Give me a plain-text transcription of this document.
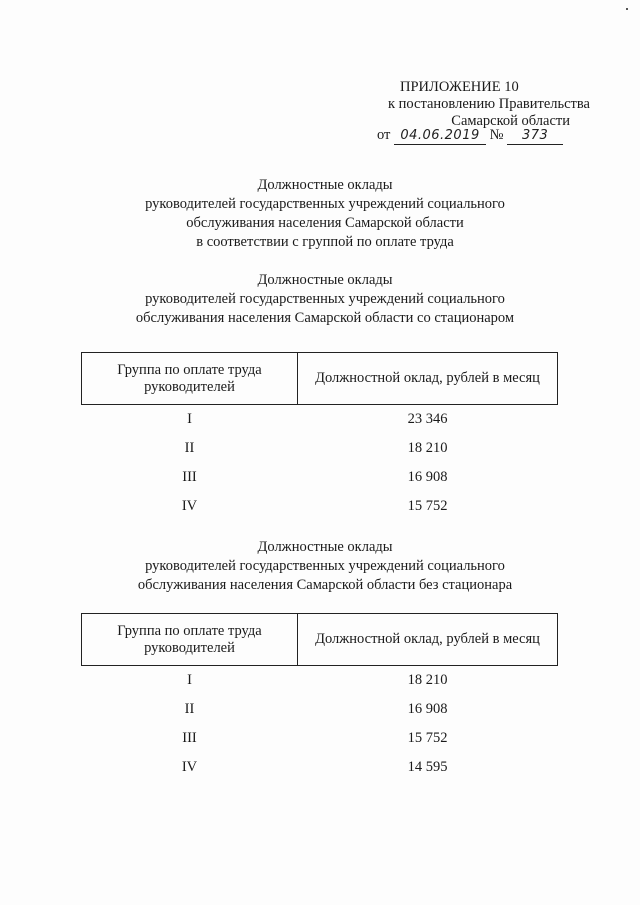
ПРИЛОЖЕНИЕ 10
к постановлению Правительства
Самарской области
от 04.06.2019 № 373
Должностные оклады
руководителей государственных учреждений социального
обслуживания населения Самарской области
в соответствии с группой по оплате труда
Должностные оклады
руководителей государственных учреждений социального
обслуживания населения Самарской области со стационаром
Группа по оплате труда руководителей	Должностной оклад, рублей в месяц
I	23 346
II	18 210
III	16 908
IV	15 752
Должностные оклады
руководителей государственных учреждений социального
обслуживания населения Самарской области без стационара
Группа по оплате труда руководителей	Должностной оклад, рублей в месяц
I	18 210
II	16 908
III	15 752
IV	14 595
